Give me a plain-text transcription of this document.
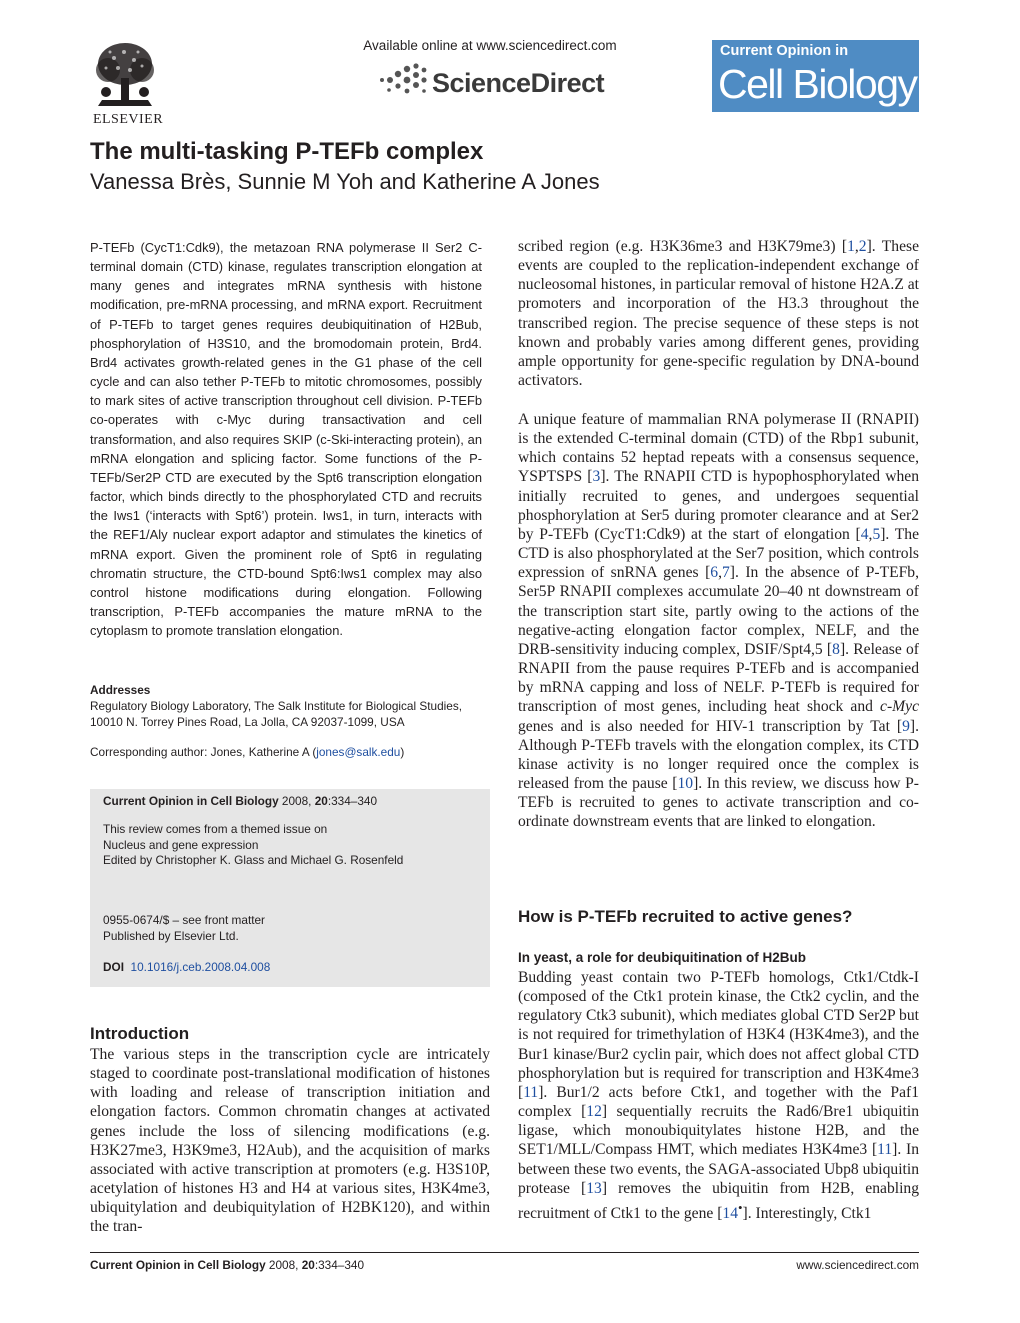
ELSEVIER
Available online at www.sciencedirect.com
ScienceDirect
Current Opinion in
Cell Biology
The multi-tasking P-TEFb complex
Vanessa Brès, Sunnie M Yoh and Katherine A Jones

P-TEFb (CycT1:Cdk9), the metazoan RNA polymerase II Ser2 C-terminal domain (CTD) kinase, regulates transcription elongation at many genes and integrates mRNA synthesis with histone modification, pre-mRNA processing, and mRNA export. Recruitment of P-TEFb to target genes requires deubiquitination of H2Bub, phosphorylation of H3S10, and the bromodomain protein, Brd4. Brd4 activates growth-related genes in the G1 phase of the cell cycle and can also tether P-TEFb to mitotic chromosomes, possibly to mark sites of active transcription throughout cell division. P-TEFb co-operates with c-Myc during transactivation and cell transformation, and also requires SKIP (c-Ski-interacting protein), an mRNA elongation and splicing factor. Some functions of the P-TEFb/Ser2P CTD are executed by the Spt6 transcription elongation factor, which binds directly to the phosphorylated CTD and recruits the Iws1 (‘interacts with Spt6’) protein. Iws1, in turn, interacts with the REF1/Aly nuclear export adaptor and stimulates the kinetics of mRNA export. Given the prominent role of Spt6 in regulating chromatin structure, the CTD-bound Spt6:Iws1 complex may also control histone modifications during elongation. Following transcription, P-TEFb accompanies the mature mRNA to the cytoplasm to promote translation elongation.

Addresses
Regulatory Biology Laboratory, The Salk Institute for Biological Studies,
10010 N. Torrey Pines Road, La Jolla, CA 92037-1099, USA
Corresponding author: Jones, Katherine A (jones@salk.edu)
Current Opinion in Cell Biology 2008, 20:334–340
This review comes from a themed issue on
Nucleus and gene expression
Edited by Christopher K. Glass and Michael G. Rosenfeld
0955-0674/$ – see front matter
Published by Elsevier Ltd.
DOI 10.1016/j.ceb.2008.04.008
Introduction

The various steps in the transcription cycle are intricately staged to coordinate post-translational modification of histones with loading and release of transcription initiation and elongation factors. Common chromatin changes at activated genes include the loss of silencing modifications (e.g. H3K27me3, H3K9me3, H2Aub), and the acquisition of marks associated with active transcription at promoters (e.g. H3S10P, acetylation of histones H3 and H4 at various sites, H3K4me3, ubiquitylation and deubiquitylation of H2BK120), and within the tran-

scribed region (e.g. H3K36me3 and H3K79me3) [1,2]. These events are coupled to the replication-independent exchange of nucleosomal histones, in particular removal of histone H2A.Z at promoters and incorporation of the H3.3 throughout the transcribed region. The precise sequence of these steps is not known and probably varies among different genes, providing ample opportunity for gene-specific regulation by DNA-bound activators.

A unique feature of mammalian RNA polymerase II (RNAPII) is the extended C-terminal domain (CTD) of the Rbp1 subunit, which contains 52 heptad repeats with a consensus sequence, YSPTSPS [3]. The RNAPII CTD is hypophosphorylated when initially recruited to genes, and undergoes sequential phosphorylation at Ser5 during promoter clearance and at Ser2 by P-TEFb (CycT1:Cdk9) at the start of elongation [4,5]. The CTD is also phosphorylated at the Ser7 position, which controls expression of snRNA genes [6,7]. In the absence of P-TEFb, Ser5P RNAPII complexes accumulate 20–40 nt downstream of the transcription start site, partly owing to the actions of the negative-acting elongation factor complex, NELF, and the DRB-sensitivity inducing complex, DSIF/Spt4,5 [8]. Release of RNAPII from the pause requires P-TEFb and is accompanied by mRNA capping and loss of NELF. P-TEFb is required for transcription of most genes, including heat shock and c-Myc genes and is also needed for HIV-1 transcription by Tat [9]. Although P-TEFb travels with the elongation complex, its CTD kinase activity is no longer required once the complex is released from the pause [10]. In this review, we discuss how P-TEFb is recruited to genes to activate transcription and co-ordinate downstream events that are linked to elongation.

How is P-TEFb recruited to active genes?
In yeast, a role for deubiquitination of H2Bub

Budding yeast contain two P-TEFb homologs, Ctk1/Ctdk-I (composed of the Ctk1 protein kinase, the Ctk2 cyclin, and the regulatory Ctk3 subunit), which mediates global CTD Ser2P but is not required for trimethylation of H3K4 (H3K4me3), and the Bur1 kinase/Bur2 cyclin pair, which does not affect global CTD phosphorylation but is required for transcription and H3K4me3 [11]. Bur1/2 acts before Ctk1, and together with the Paf1 complex [12] sequentially recruits the Rad6/Bre1 ubiquitin ligase, which monoubiquitylates histone H2B, and the SET1/MLL/Compass HMT, which mediates H3K4me3 [11]. In between these two events, the SAGA-associated Ubp8 ubiquitin protease [13] removes the ubiquitin from H2B, enabling recruitment of Ctk1 to the gene [14•]. Interestingly, Ctk1

Current Opinion in Cell Biology 2008, 20:334–340	www.sciencedirect.com
